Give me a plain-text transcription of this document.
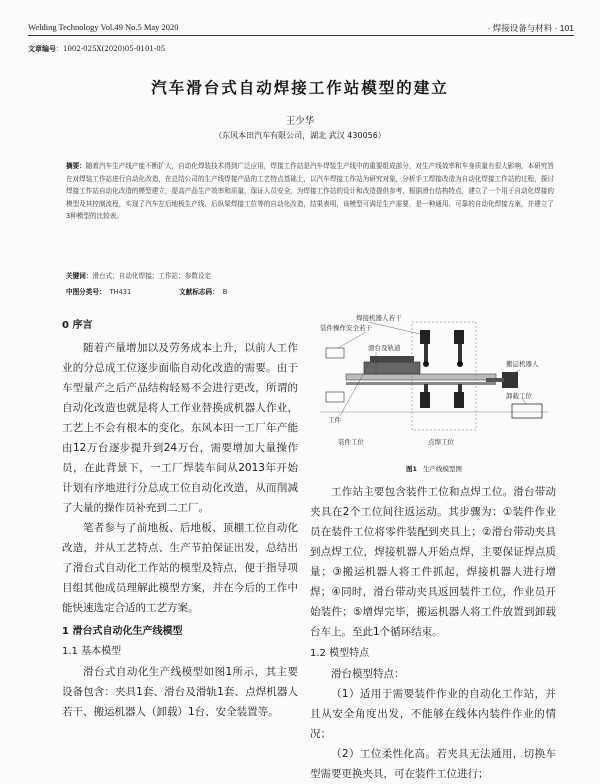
Welding Technology Vol.49 No.5 May 2020	· 焊接设备与材料 · 101
文章编号：1002-025X(2020)05-0101-05
汽车滑台式自动焊接工作站模型的建立
王少华
（东风本田汽车有限公司，湖北 武汉 430056）
摘要：随着汽车生产线产能不断扩大，自动化焊装技术得到广泛应用，焊接工作站是汽车焊装生产线中的重要组成部分，对生产线效率和车身质量有很大影响，本研究旨在对焊装工作站进行自动化改造，在总结公司的生产线焊接产品的工艺特点基础上，以汽车焊接工作站为研究对象，分析手工焊接改造为自动化焊接工作站的过程，探讨焊接工作站自动化改造的模型建立，提高产品生产效率和质量，保证人员安全，为焊接工作站的设计和改造提供参考，根据滑台结构特点，建立了一个用于自动化焊接的模型及其控制流程，实现了汽车左后地板生产线、后纵梁焊接工位等的自动化改造，结果表明，该模型可满足生产需要，是一种通用、可靠的自动化焊接方案，并建立了3种模型的比较表。
关键词：滑台式；自动化焊接；工作站；参数设定
中图分类号： TH431	文献标志码： B
0 序言

随着产量增加以及劳务成本上升，以前人工作业的分总成工位逐步面临自动化改造的需要。由于车型量产之后产品结构轻易不会进行更改，所谓的自动化改造也就是将人工作业替换成机器人作业，工艺上不会有根本的变化。东风本田一工厂年产能由12万台逐步提升到24万台，需要增加大量操作员，在此背景下，一工厂焊装车间从2013年开始计划有序地进行分总成工位自动化改造，从而削减了大量的操作员补充到二工厂。

笔者参与了前地板、后地板、顶棚工位自动化改造，并从工艺特点、生产节拍保证出发，总结出了滑台式自动化工作站的模型及特点，便于指导项目组其他成员理解此模型方案，并在今后的工作中能快速选定合适的工艺方案。

1 滑台式自动化生产线模型
1.1 基本模型

滑台式自动化生产线模型如图1所示，其主要设备包含：夹具1套、滑台及滑轨1套、点焊机器人若干、搬运机器人（卸载）1台、安全装置等。

焊接机器人若干
装件操作安全若干
滑台及轨道
搬运机器人
卸载工位
工件
装件工位	点焊工位
图1 生产线模型图

工作站主要包含装件工位和点焊工位。滑台带动夹具在2个工位间往返运动。其步骤为：①装件作业员在装件工位将零件装配到夹具上；②滑台带动夹具到点焊工位，焊接机器人开始点焊，主要保证焊点质量；③搬运机器人将工件抓起，焊接机器人进行增焊；④同时，滑台带动夹具返回装件工位，作业员开始装件；⑤增焊完毕，搬运机器人将工件放置到卸载台车上。至此1个循环结束。

1.2 模型特点

滑台模型特点：

（1）适用于需要装件作业的自动化工作站，并且从安全角度出发，不能够在线体内装件作业的情况；

（2）工位柔性化高。若夹具无法通用，切换车型需要更换夹具，可在装件工位进行；
